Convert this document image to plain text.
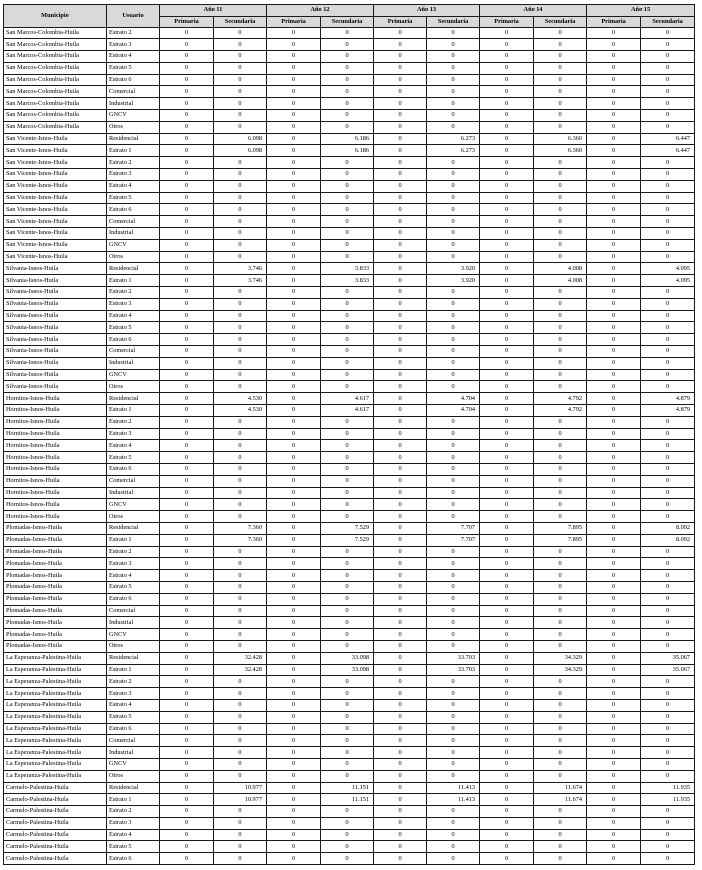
Municipio	Usuario	Año 11		Año 12		Año 13		Año 14		Año 15	
		Primaria	Secundaria	Primaria	Secundaria	Primaria	Secundaria	Primaria	Secundaria	Primaria	Secundaria
San Marcos-Colombia-Huila	Estrato 2	0	0	0	0	0	0	0	0	0	0
San Marcos-Colombia-Huila	Estrato 3	0	0	0	0	0	0	0	0	0	0
San Marcos-Colombia-Huila	Estrato 4	0	0	0	0	0	0	0	0	0	0
San Marcos-Colombia-Huila	Estrato 5	0	0	0	0	0	0	0	0	0	0
San Marcos-Colombia-Huila	Estrato 6	0	0	0	0	0	0	0	0	0	0
San Marcos-Colombia-Huila	Comercial	0	0	0	0	0	0	0	0	0	0
San Marcos-Colombia-Huila	Industrial	0	0	0	0	0	0	0	0	0	0
San Marcos-Colombia-Huila	GNCV	0	0	0	0	0	0	0	0	0	0
San Marcos-Colombia-Huila	Otros	0	0	0	0	0	0	0	0	0	0
San Vicente-Isnos-Huila	Residencial	0	6.098	0	6.186	0	6.273	0	6.360	0	6.447
San Vicente-Isnos-Huila	Estrato 1	0	6.098	0	6.186	0	6.273	0	6.360	0	6.447
San Vicente-Isnos-Huila	Estrato 2	0	0	0	0	0	0	0	0	0	0
San Vicente-Isnos-Huila	Estrato 3	0	0	0	0	0	0	0	0	0	0
San Vicente-Isnos-Huila	Estrato 4	0	0	0	0	0	0	0	0	0	0
San Vicente-Isnos-Huila	Estrato 5	0	0	0	0	0	0	0	0	0	0
San Vicente-Isnos-Huila	Estrato 6	0	0	0	0	0	0	0	0	0	0
San Vicente-Isnos-Huila	Comercial	0	0	0	0	0	0	0	0	0	0
San Vicente-Isnos-Huila	Industrial	0	0	0	0	0	0	0	0	0	0
San Vicente-Isnos-Huila	GNCV	0	0	0	0	0	0	0	0	0	0
San Vicente-Isnos-Huila	Otros	0	0	0	0	0	0	0	0	0	0
Silvania-Isnos-Huila	Residencial	0	3.746	0	3.833	0	3.920	0	4.008	0	4.095
Silvania-Isnos-Huila	Estrato 1	0	3.746	0	3.833	0	3.920	0	4.008	0	4.095
Silvania-Isnos-Huila	Estrato 2	0	0	0	0	0	0	0	0	0	0
Silvania-Isnos-Huila	Estrato 3	0	0	0	0	0	0	0	0	0	0
Silvania-Isnos-Huila	Estrato 4	0	0	0	0	0	0	0	0	0	0
Silvania-Isnos-Huila	Estrato 5	0	0	0	0	0	0	0	0	0	0
Silvania-Isnos-Huila	Estrato 6	0	0	0	0	0	0	0	0	0	0
Silvania-Isnos-Huila	Comercial	0	0	0	0	0	0	0	0	0	0
Silvania-Isnos-Huila	Industrial	0	0	0	0	0	0	0	0	0	0
Silvania-Isnos-Huila	GNCV	0	0	0	0	0	0	0	0	0	0
Silvania-Isnos-Huila	Otros	0	0	0	0	0	0	0	0	0	0
Hornitos-Isnos-Huila	Residencial	0	4.530	0	4.617	0	4.704	0	4.792	0	4.879
Hornitos-Isnos-Huila	Estrato 1	0	4.530	0	4.617	0	4.704	0	4.792	0	4.879
Hornitos-Isnos-Huila	Estrato 2	0	0	0	0	0	0	0	0	0	0
Hornitos-Isnos-Huila	Estrato 3	0	0	0	0	0	0	0	0	0	0
Hornitos-Isnos-Huila	Estrato 4	0	0	0	0	0	0	0	0	0	0
Hornitos-Isnos-Huila	Estrato 5	0	0	0	0	0	0	0	0	0	0
Hornitos-Isnos-Huila	Estrato 6	0	0	0	0	0	0	0	0	0	0
Hornitos-Isnos-Huila	Comercial	0	0	0	0	0	0	0	0	0	0
Hornitos-Isnos-Huila	Industrial	0	0	0	0	0	0	0	0	0	0
Hornitos-Isnos-Huila	GNCV	0	0	0	0	0	0	0	0	0	0
Hornitos-Isnos-Huila	Otros	0	0	0	0	0	0	0	0	0	0
Plomadas-Isnos-Huila	Residencial	0	7.360	0	7.529	0	7.707	0	7.895	0	8.092
Plomadas-Isnos-Huila	Estrato 1	0	7.360	0	7.529	0	7.707	0	7.895	0	8.092
Plomadas-Isnos-Huila	Estrato 2	0	0	0	0	0	0	0	0	0	0
Plomadas-Isnos-Huila	Estrato 3	0	0	0	0	0	0	0	0	0	0
Plomadas-Isnos-Huila	Estrato 4	0	0	0	0	0	0	0	0	0	0
Plomadas-Isnos-Huila	Estrato 5	0	0	0	0	0	0	0	0	0	0
Plomadas-Isnos-Huila	Estrato 6	0	0	0	0	0	0	0	0	0	0
Plomadas-Isnos-Huila	Comercial	0	0	0	0	0	0	0	0	0	0
Plomadas-Isnos-Huila	Industrial	0	0	0	0	0	0	0	0	0	0
Plomadas-Isnos-Huila	GNCV	0	0	0	0	0	0	0	0	0	0
Plomadas-Isnos-Huila	Otros	0	0	0	0	0	0	0	0	0	0
La Esperanza-Palestina-Huila	Residencial	0	32.428	0	33.098	0	33.703	0	34.329	0	35.067
La Esperanza-Palestina-Huila	Estrato 1	0	32.428	0	33.098	0	33.703	0	34.329	0	35.067
La Esperanza-Palestina-Huila	Estrato 2	0	0	0	0	0	0	0	0	0	0
La Esperanza-Palestina-Huila	Estrato 3	0	0	0	0	0	0	0	0	0	0
La Esperanza-Palestina-Huila	Estrato 4	0	0	0	0	0	0	0	0	0	0
La Esperanza-Palestina-Huila	Estrato 5	0	0	0	0	0	0	0	0	0	0
La Esperanza-Palestina-Huila	Estrato 6	0	0	0	0	0	0	0	0	0	0
La Esperanza-Palestina-Huila	Comercial	0	0	0	0	0	0	0	0	0	0
La Esperanza-Palestina-Huila	Industrial	0	0	0	0	0	0	0	0	0	0
La Esperanza-Palestina-Huila	GNCV	0	0	0	0	0	0	0	0	0	0
La Esperanza-Palestina-Huila	Otros	0	0	0	0	0	0	0	0	0	0
Carmelo-Palestina-Huila	Residencial	0	10.977	0	11.151	0	11.413	0	11.674	0	11.935
Carmelo-Palestina-Huila	Estrato 1	0	10.977	0	11.151	0	11.413	0	11.674	0	11.935
Carmelo-Palestina-Huila	Estrato 2	0	0	0	0	0	0	0	0	0	0
Carmelo-Palestina-Huila	Estrato 3	0	0	0	0	0	0	0	0	0	0
Carmelo-Palestina-Huila	Estrato 4	0	0	0	0	0	0	0	0	0	0
Carmelo-Palestina-Huila	Estrato 5	0	0	0	0	0	0	0	0	0	0
Carmelo-Palestina-Huila	Estrato 6	0	0	0	0	0	0	0	0	0	0
